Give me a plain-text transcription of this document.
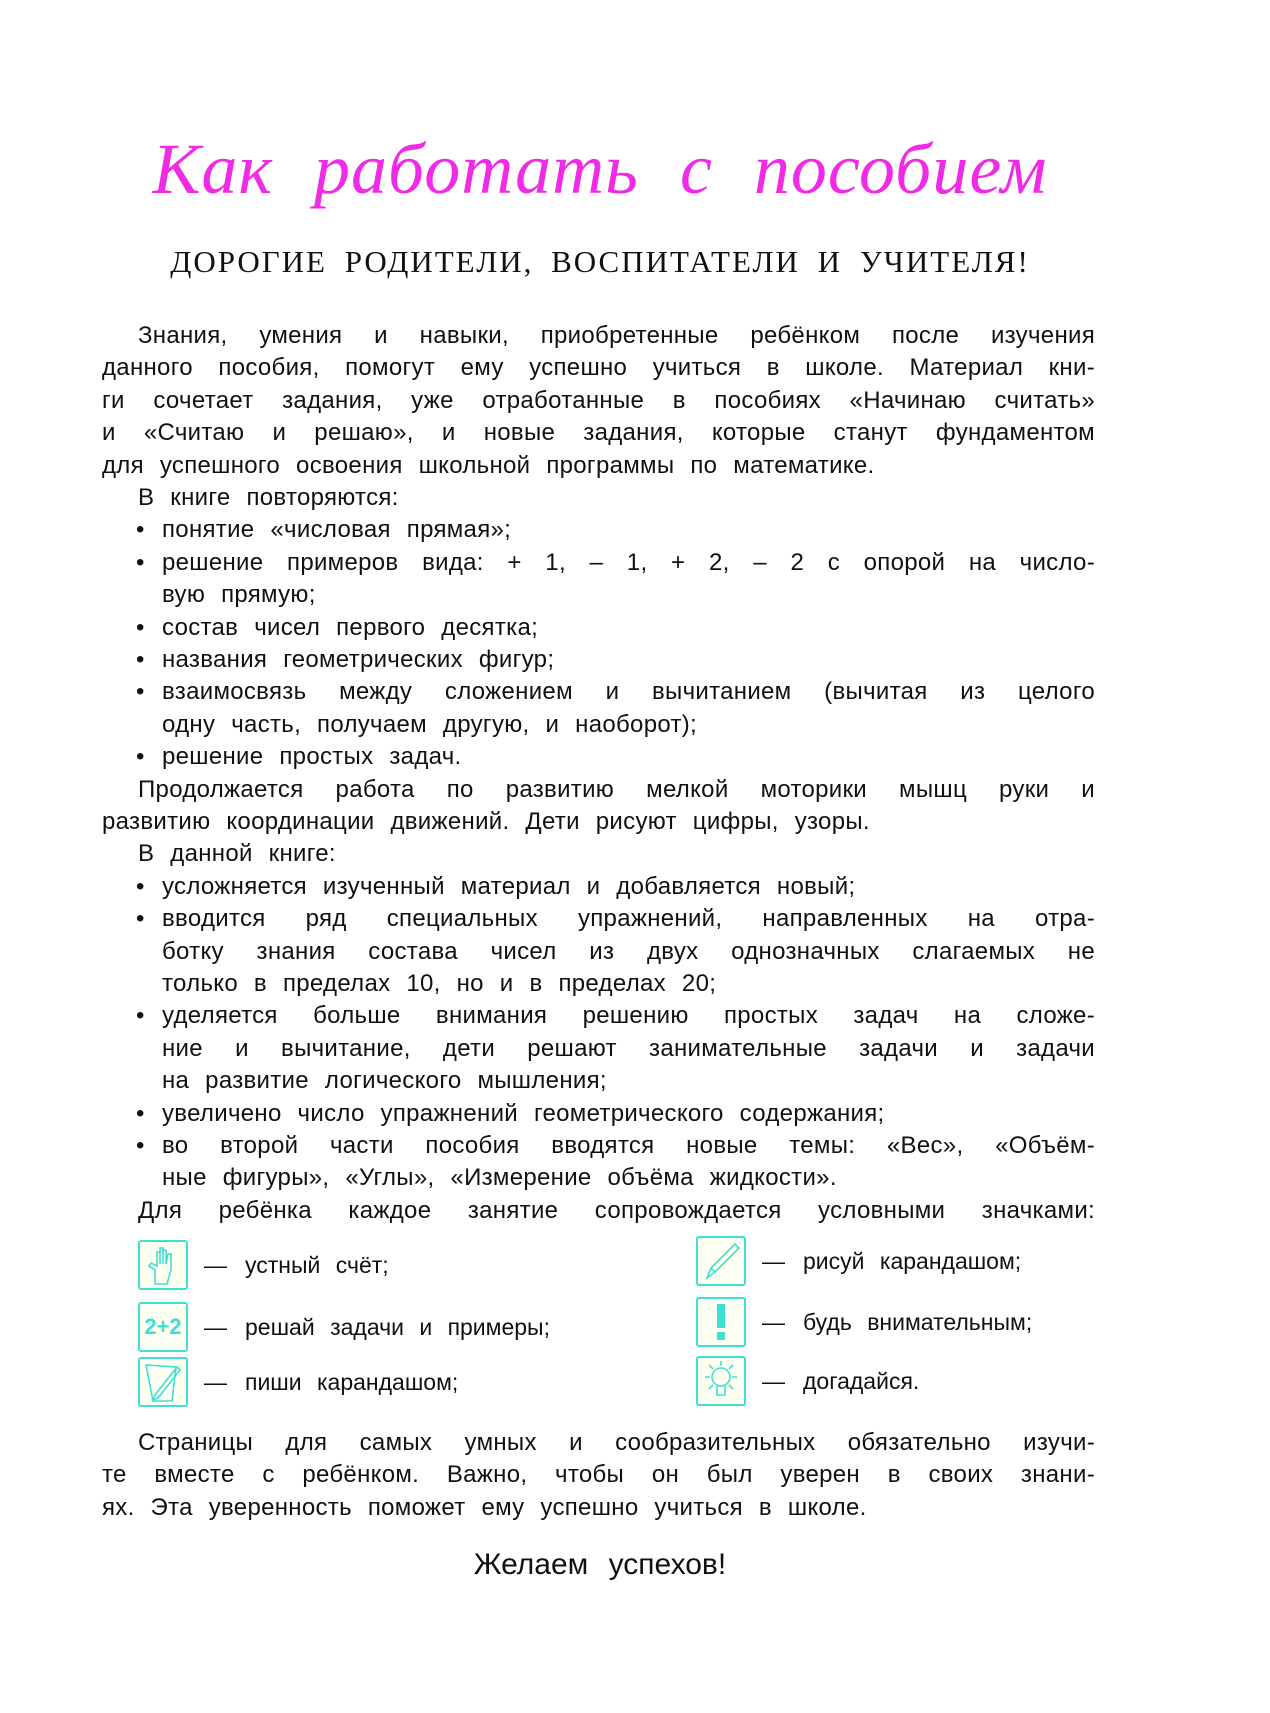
Как работать с пособием
ДОРОГИЕ РОДИТЕЛИ, ВОСПИТАТЕЛИ И УЧИТЕЛЯ!
Знания, умения и навыки, приобретенные ребёнком после изучения
данного пособия, помогут ему успешно учиться в школе. Материал кни-
ги сочетает задания, уже отработанные в пособиях «Начинаю считать»
и «Считаю и решаю», и новые задания, которые станут фундаментом
для успешного освоения школьной программы по математике.
В книге повторяются:
понятие «числовая прямая»;
•
решение примеров вида: + 1, – 1, + 2, – 2 с опорой на число-
•
вую прямую;
состав чисел первого десятка;
•
названия геометрических фигур;
•
взаимосвязь между сложением и вычитанием (вычитая из целого
•
одну часть, получаем другую, и наоборот);
решение простых задач.
•
Продолжается работа по развитию мелкой моторики мышц руки и
развитию координации движений. Дети рисуют цифры, узоры.
В данной книге:
усложняется изученный материал и добавляется новый;
•
вводится ряд специальных упражнений, направленных на отра-
•
ботку знания состава чисел из двух однозначных слагаемых не
только в пределах 10, но и в пределах 20;
уделяется больше внимания решению простых задач на сложе-
•
ние и вычитание, дети решают занимательные задачи и задачи
на развитие логического мышления;
увеличено число упражнений геометрического содержания;
•
во второй части пособия вводятся новые темы: «Вес», «Объём-
•
ные фигуры», «Углы», «Измерение объёма жидкости».
Для ребёнка каждое занятие сопровождается условными значками:
Страницы для самых умных и сообразительных обязательно изучи-
те вместе с ребёнком. Важно, чтобы он был уверен в своих знани-
ях. Эта уверенность поможет ему успешно учиться в школе.
— устный счёт;
2+2 — решай задачи и примеры;
— пиши карандашом;
— рисуй карандашом;
— будь внимательным;
— догадайся.
Желаем успехов!
